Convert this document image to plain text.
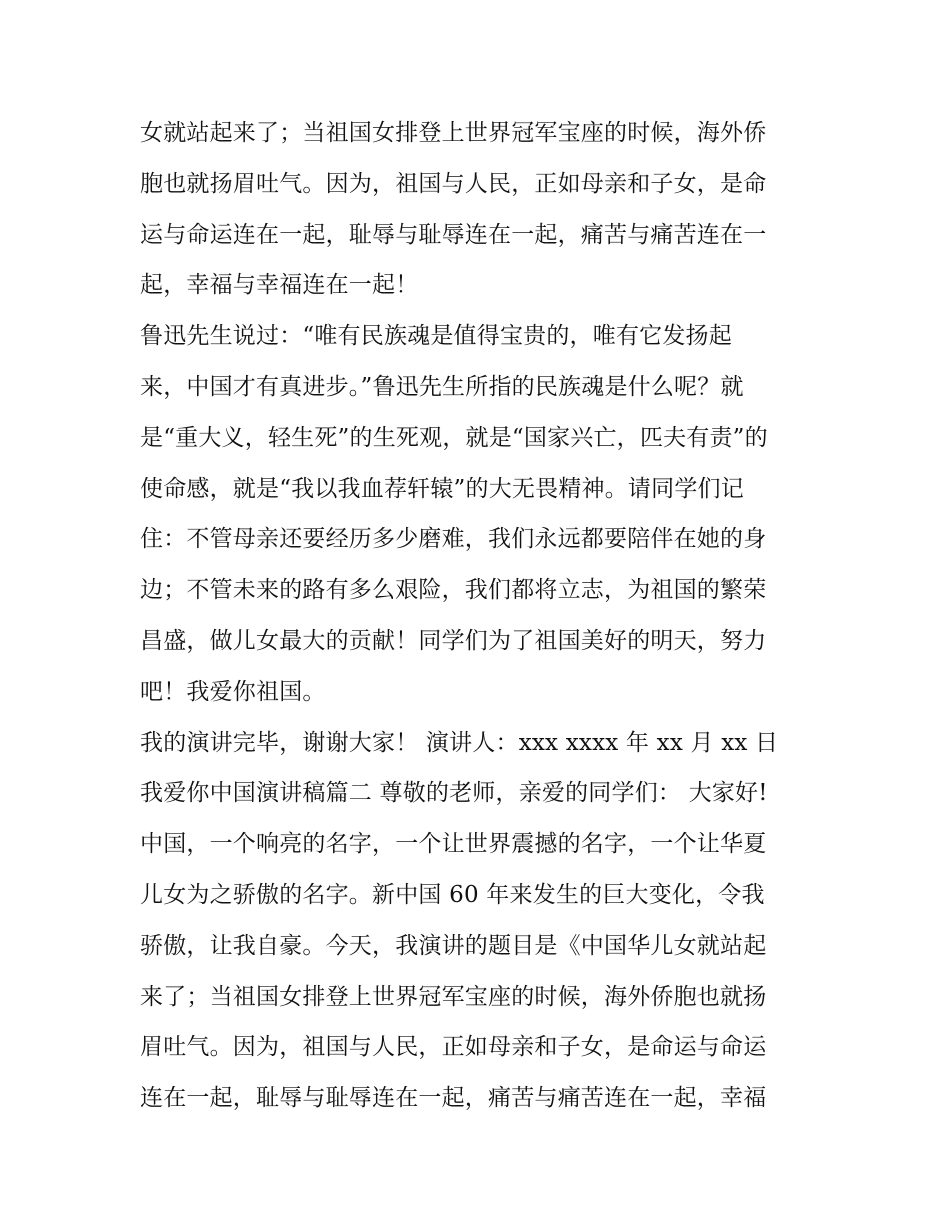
女就站起来了；当祖国女排登上世界冠军宝座的时候，海外侨
胞也就扬眉吐气。因为，祖国与人民，正如母亲和子女，是命
运与命运连在一起，耻辱与耻辱连在一起，痛苦与痛苦连在一
起，幸福与幸福连在一起！
鲁迅先生说过：“唯有民族魂是值得宝贵的，唯有它发扬起
来，中国才有真进步。”鲁迅先生所指的民族魂是什么呢？就
是“重大义，轻生死”的生死观，就是“国家兴亡，匹夫有责”的
使命感，就是“我以我血荐轩辕”的大无畏精神。请同学们记
住：不管母亲还要经历多少磨难，我们永远都要陪伴在她的身
边；不管未来的路有多么艰险，我们都将立志，为祖国的繁荣
昌盛，做儿女最大的贡献！同学们为了祖国美好的明天，努力
吧！我爱你祖国。
我的演讲完毕，谢谢大家！ 演讲人：xxx xxxx 年 xx 月 xx 日
我爱你中国演讲稿篇二 尊敬的老师，亲爱的同学们： 大家好!
中国，一个响亮的名字，一个让世界震撼的名字，一个让华夏
儿女为之骄傲的名字。新中国 60 年来发生的巨大变化，令我
骄傲，让我自豪。今天，我演讲的题目是《中国华儿女就站起
来了；当祖国女排登上世界冠军宝座的时候，海外侨胞也就扬
眉吐气。因为，祖国与人民，正如母亲和子女，是命运与命运
连在一起，耻辱与耻辱连在一起，痛苦与痛苦连在一起，幸福
